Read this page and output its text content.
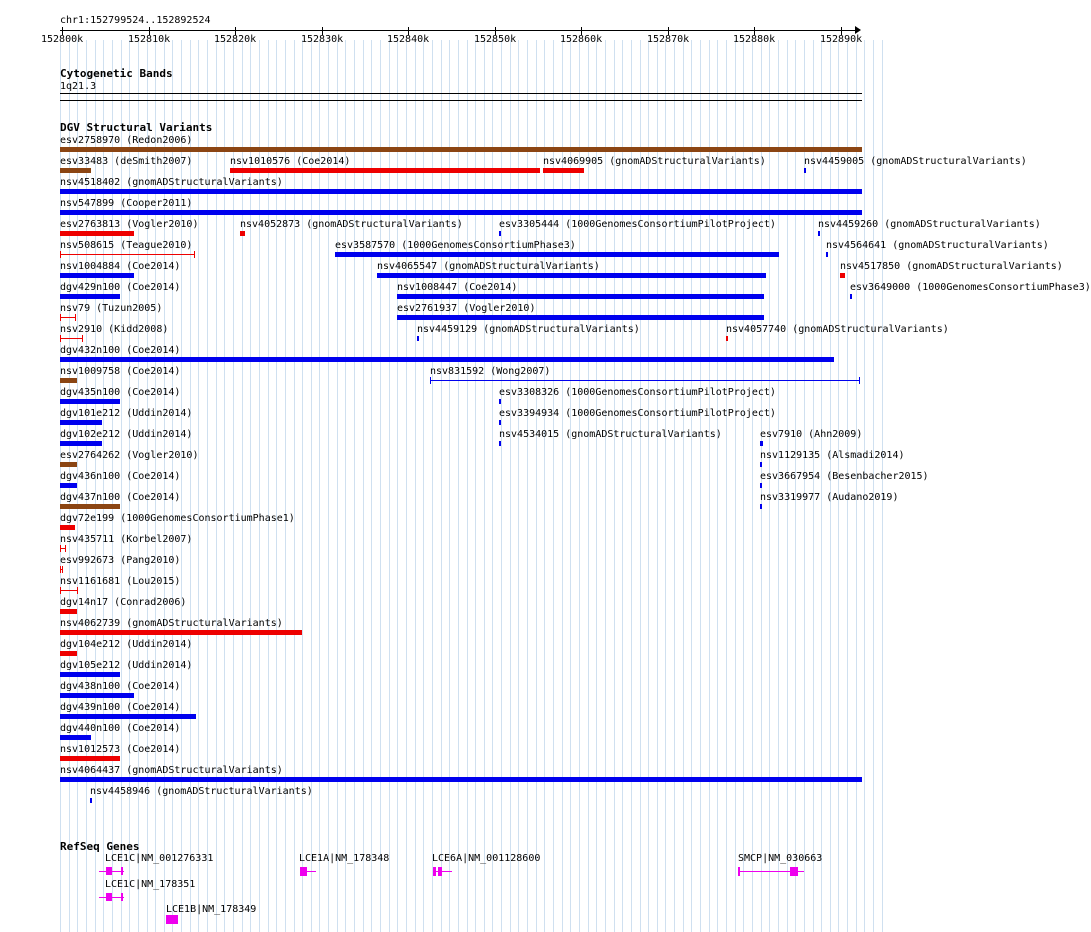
chr1:152799524..152892524
152800k	152810k	152820k	152830k	152840k	152850k	152860k	152870k	152880k	152890k
Cytogenetic Bands
1q21.3
DGV Structural Variants
esv2758970 (Redon2006)
esv33483 (deSmith2007)	nsv1010576 (Coe2014)	nsv4069905 (gnomADStructuralVariants)	nsv4459005 (gnomADStructuralVariants)
nsv4518402 (gnomADStructuralVariants)
nsv547899 (Cooper2011)
esv2763813 (Vogler2010)	nsv4052873 (gnomADStructuralVariants)	esv3305444 (1000GenomesConsortiumPilotProject)	nsv4459260 (gnomADStructuralVariants)
nsv508615 (Teague2010)	esv3587570 (1000GenomesConsortiumPhase3)	nsv4564641 (gnomADStructuralVariants)
nsv1004884 (Coe2014)	nsv4065547 (gnomADStructuralVariants)	nsv4517850 (gnomADStructuralVariants)
dgv429n100 (Coe2014)	nsv1008447 (Coe2014)	esv3649000 (1000GenomesConsortiumPhase3)
nsv79 (Tuzun2005)	esv2761937 (Vogler2010)
nsv2910 (Kidd2008)	nsv4459129 (gnomADStructuralVariants)	nsv4057740 (gnomADStructuralVariants)
dgv432n100 (Coe2014)
nsv1009758 (Coe2014)	nsv831592 (Wong2007)
dgv435n100 (Coe2014)	esv3308326 (1000GenomesConsortiumPilotProject)
dgv101e212 (Uddin2014)	esv3394934 (1000GenomesConsortiumPilotProject)
dgv102e212 (Uddin2014)	nsv4534015 (gnomADStructuralVariants)	esv7910 (Ahn2009)
esv2764262 (Vogler2010)	nsv1129135 (Alsmadi2014)
dgv436n100 (Coe2014)	esv3667954 (Besenbacher2015)
dgv437n100 (Coe2014)	nsv3319977 (Audano2019)
dgv72e199 (1000GenomesConsortiumPhase1)
nsv435711 (Korbel2007)
esv992673 (Pang2010)
nsv1161681 (Lou2015)
dgv14n17 (Conrad2006)
nsv4062739 (gnomADStructuralVariants)
dgv104e212 (Uddin2014)
dgv105e212 (Uddin2014)
dgv438n100 (Coe2014)
dgv439n100 (Coe2014)
dgv440n100 (Coe2014)
nsv1012573 (Coe2014)
nsv4064437 (gnomADStructuralVariants)
nsv4458946 (gnomADStructuralVariants)
RefSeq Genes
LCE1C|NM_001276331
LCE1C|NM_178351
LCE1B|NM_178349
LCE1A|NM_178348	LCE6A|NM_001128600	SMCP|NM_030663
